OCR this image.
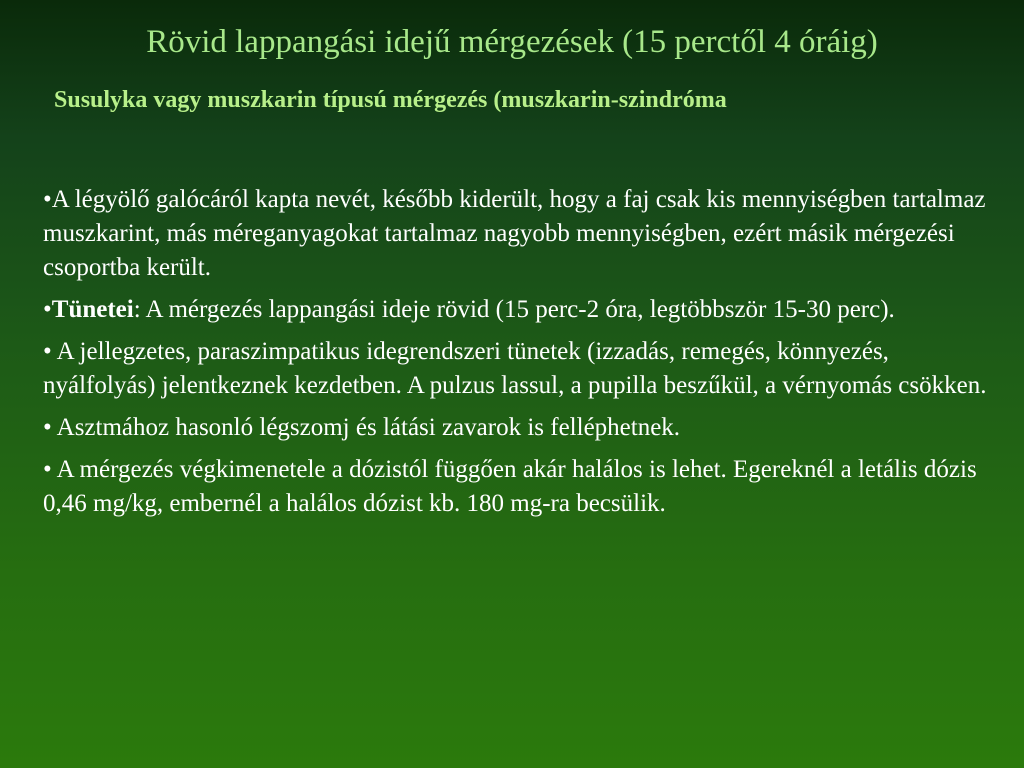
Rövid lappangási idejű mérgezések (15 perctől 4 óráig)
Susulyka vagy muszkarin típusú mérgezés (muszkarin-szindróma
•A légyölő galócáról kapta nevét, később kiderült, hogy a faj csak kis mennyiségben tartalmaz muszkarint, más méreganyagokat tartalmaz nagyobb mennyiségben, ezért másik mérgezési csoportba került.
•Tünetei: A mérgezés lappangási ideje rövid (15 perc-2 óra, legtöbbször 15-30 perc).
• A jellegzetes, paraszimpatikus idegrendszeri tünetek (izzadás, remegés, könnyezés, nyálfolyás) jelentkeznek kezdetben. A pulzus lassul, a pupilla beszűkül, a vérnyomás csökken.
• Asztmához hasonló légszomj és látási zavarok is felléphetnek.
• A mérgezés végkimenetele a dózistól függően akár halálos is lehet. Egereknél a letális dózis 0,46 mg/kg, embernél a halálos dózist kb. 180 mg-ra becsülik.
